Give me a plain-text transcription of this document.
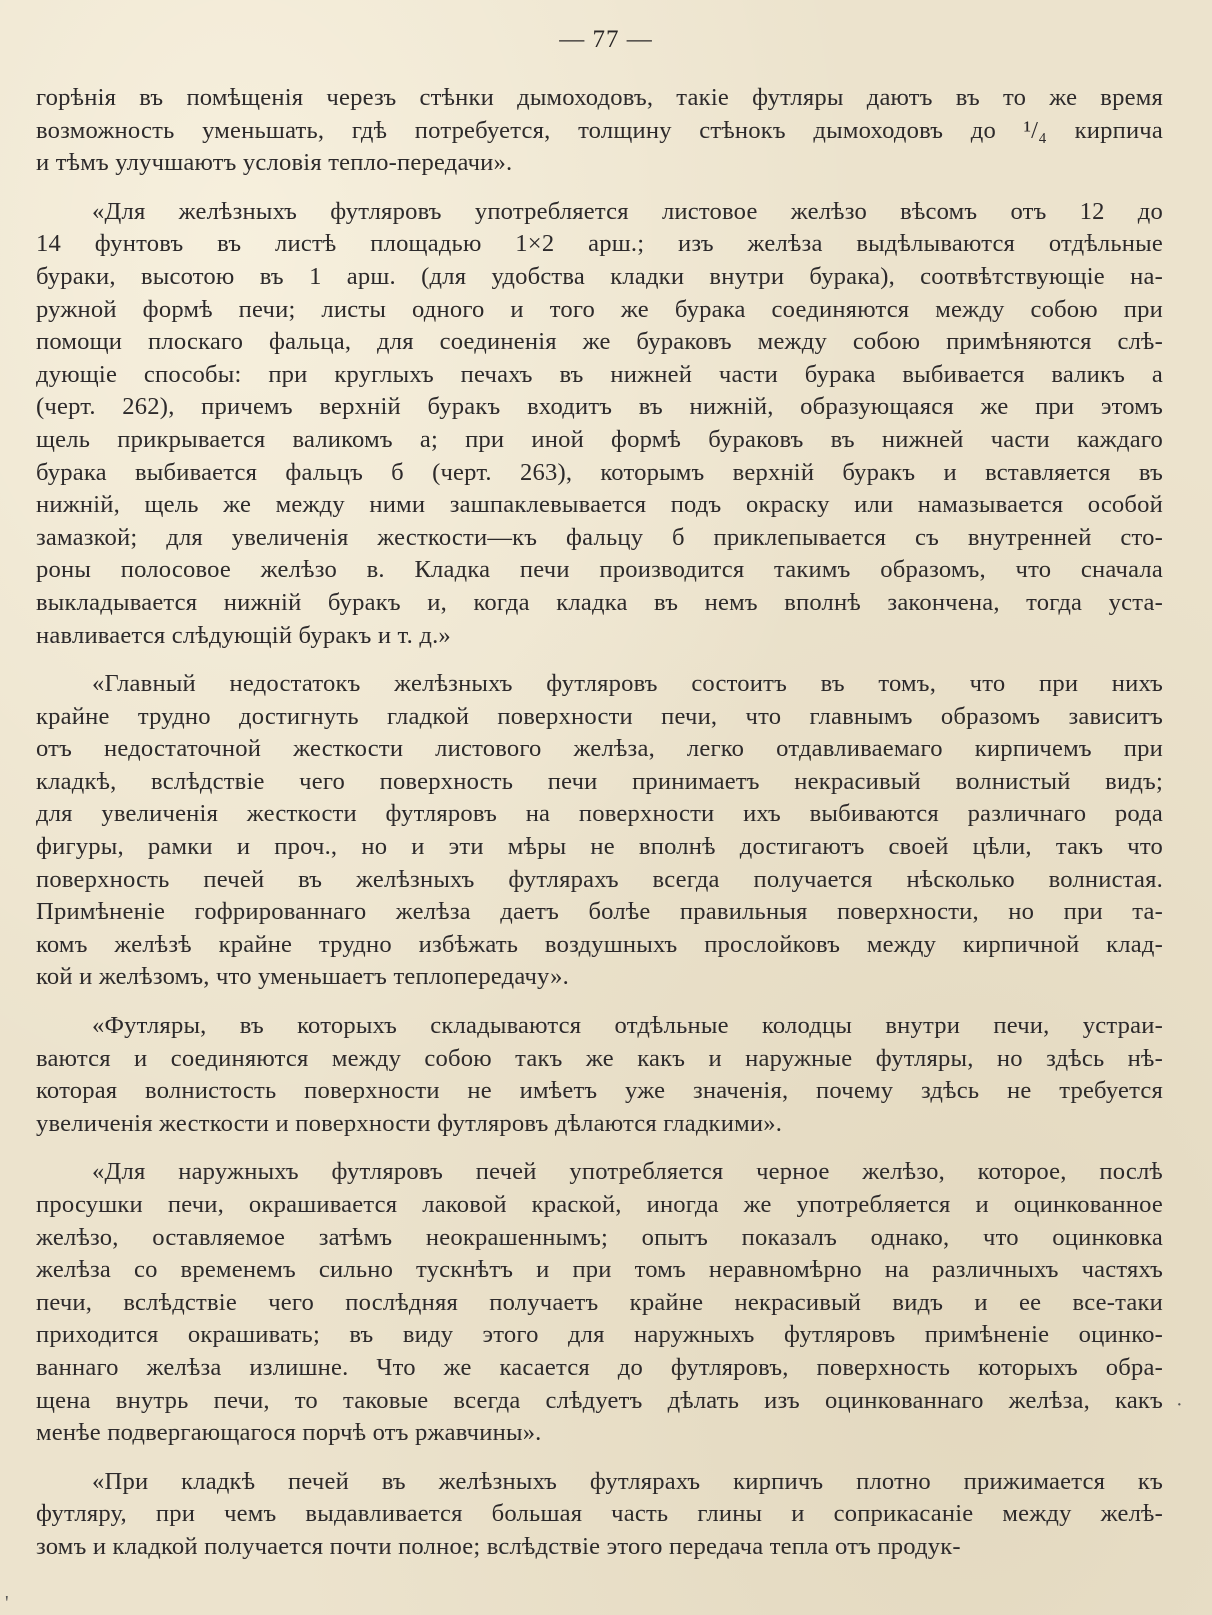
— 77 —
горѣнія въ помѣщенія черезъ стѣнки дымоходовъ, такіе футляры даютъ въ то же время
возможность уменьшать, гдѣ потребуется, толщину стѣнокъ дымоходовъ до ¹/₄ кирпича
и тѣмъ улучшаютъ условія тепло-передачи».
«Для желѣзныхъ футляровъ употребляется листовое желѣзо вѣсомъ отъ 12 до
14 фунтовъ въ листѣ площадью 1×2 арш.; изъ желѣза выдѣлываются отдѣльные
бураки, высотою въ 1 арш. (для удобства кладки внутри бурака), соотвѣтствующіе на-
ружной формѣ печи; листы одного и того же бурака соединяются между собою при
помощи плоскаго фальца, для соединенія же бураковъ между собою примѣняются слѣ-
дующіе способы: при круглыхъ печахъ въ нижней части бурака выбивается валикъ а
(черт. 262), причемъ верхній буракъ входитъ въ нижній, образующаяся же при этомъ
щель прикрывается валикомъ а; при иной формѣ бураковъ въ нижней части каждаго
бурака выбивается фальцъ б (черт. 263), которымъ верхній буракъ и вставляется въ
нижній, щель же между ними зашпаклевывается подъ окраску или намазывается особой
замазкой; для увеличенія жесткости—къ фальцу б приклепывается съ внутренней сто-
роны полосовое желѣзо в. Кладка печи производится такимъ образомъ, что сначала
выкладывается нижній буракъ и, когда кладка въ немъ вполнѣ закончена, тогда уста-
навливается слѣдующій буракъ и т. д.»
«Главный недостатокъ желѣзныхъ футляровъ состоитъ въ томъ, что при нихъ
крайне трудно достигнуть гладкой поверхности печи, что главнымъ образомъ зависитъ
отъ недостаточной жесткости листового желѣза, легко отдавливаемаго кирпичемъ при
кладкѣ, вслѣдствіе чего поверхность печи принимаетъ некрасивый волнистый видъ;
для увеличенія жесткости футляровъ на поверхности ихъ выбиваются различнаго рода
фигуры, рамки и проч., но и эти мѣры не вполнѣ достигаютъ своей цѣли, такъ что
поверхность печей въ желѣзныхъ футлярахъ всегда получается нѣсколько волнистая.
Примѣненіе гофрированнаго желѣза даетъ болѣе правильныя поверхности, но при та-
комъ желѣзѣ крайне трудно избѣжать воздушныхъ прослойковъ между кирпичной клад-
кой и желѣзомъ, что уменьшаетъ теплопередачу».
«Футляры, въ которыхъ складываются отдѣльные колодцы внутри печи, устраи-
ваются и соединяются между собою такъ же какъ и наружные футляры, но здѣсь нѣ-
которая волнистость поверхности не имѣетъ уже значенія, почему здѣсь не требуется
увеличенія жесткости и поверхности футляровъ дѣлаются гладкими».
«Для наружныхъ футляровъ печей употребляется черное желѣзо, которое, послѣ
просушки печи, окрашивается лаковой краской, иногда же употребляется и оцинкованное
желѣзо, оставляемое затѣмъ неокрашеннымъ; опытъ показалъ однако, что оцинковка
желѣза со временемъ сильно тускнѣтъ и при томъ неравномѣрно на различныхъ частяхъ
печи, вслѣдствіе чего послѣдняя получаетъ крайне некрасивый видъ и ее все-таки
приходится окрашивать; въ виду этого для наружныхъ футляровъ примѣненіе оцинко-
ваннаго желѣза излишне. Что же касается до футляровъ, поверхность которыхъ обра-
щена внутрь печи, то таковые всегда слѣдуетъ дѣлать изъ оцинкованнаго желѣза, какъ
менѣе подвергающагося порчѣ отъ ржавчины».
«При кладкѣ печей въ желѣзныхъ футлярахъ кирпичъ плотно прижимается къ
футляру, при чемъ выдавливается большая часть глины и соприкасаніе между желѣ-
зомъ и кладкой получается почти полное; вслѣдствіе этого передача тепла отъ продук-
·
'
